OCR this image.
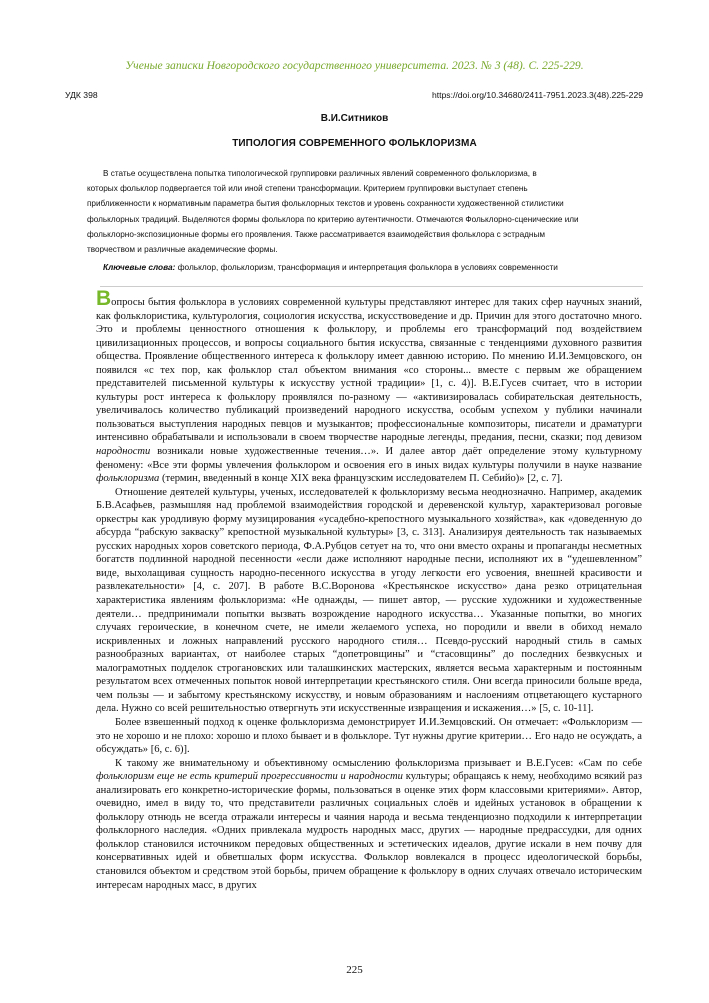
Ученые записки Новгородского государственного университета. 2023. № 3 (48). С. 225-229.
УДК 398	https://doi.org/10.34680/2411-7951.2023.3(48).225-229
В.И.Ситников
ТИПОЛОГИЯ СОВРЕМЕННОГО ФОЛЬКЛОРИЗМА
В статье осуществлена попытка типологической группировки различных явлений современного фольклоризма, в
которых фольклор подвергается той или иной степени трансформации. Критерием группировки выступает степень
приближенности к нормативным параметра бытия фольклорных текстов и уровень сохранности художественной стилистики
фольклорных традиций. Выделяются формы фольклора по критерию аутентичности. Отмечаются Фольклорно-сценические или
фольклорно-экспозиционные формы его проявления. Также рассматривается взаимодействия фольклора с эстрадным
творчеством и различные академические формы.
Ключевые слова: фольклор, фольклоризм, трансформация и интерпретация фольклора в условиях современности

Вопросы бытия фольклора в условиях современной культуры представляют интерес для таких сфер научных знаний, как фольклористика, культурология, социология искусства, искусствоведение и др. Причин для этого достаточно много. Это и проблемы ценностного отношения к фольклору, и проблемы его трансформаций под воздействием цивилизационных процессов, и вопросы социального бытия искусства, связанные с тенденциями духовного развития общества. Проявление общественного интереса к фольклору имеет давнюю историю. По мнению И.И.Земцовского, он появился «с тех пор, как фольклор стал объектом внимания «со стороны... вместе с первым же обращением представителей письменной культуры к искусству устной традиции» [1, с. 4)]. В.Е.Гусев считает, что в истории культуры рост интереса к фольклору проявлялся по-разному — «активизировалась собирательская деятельность, увеличивалось количество публикаций произведений народного искусства, особым успехом у публики начинали пользоваться выступления народных певцов и музыкантов; профессиональные композиторы, писатели и драматурги интенсивно обрабатывали и использовали в своем творчестве народные легенды, предания, песни, сказки; под девизом народности возникали новые художественные течения…». И далее автор даёт определение этому культурному феномену: «Все эти формы увлечения фольклором и освоения его в иных видах культуры получили в науке название фольклоризма (термин, введенный в конце XIX века французским исследователем П. Себийо)» [2, с. 7].

Отношение деятелей культуры, ученых, исследователей к фольклоризму весьма неоднозначно. Например, академик Б.В.Асафьев, размышляя над проблемой взаимодействия городской и деревенской культур, характеризовал роговые оркестры как уродливую форму музицирования «усадебно-крепостного музыкального хозяйства», как «доведенную до абсурда “рабскую закваску” крепостной музыкальной культуры» [3, с. 313]. Анализируя деятельность так называемых русских народных хоров советского периода, Ф.А.Рубцов сетует на то, что они вместо охраны и пропаганды несметных богатств подлинной народной песенности «если даже исполняют народные песни, исполняют их в “удешевленном” виде, выхолащивая сущность народно-песенного искусства в угоду легкости его усвоения, внешней красивости и развлекательности» [4, с. 207]. В работе В.С.Воронова «Крестьянское искусство» дана резко отрицательная характеристика явлениям фольклоризма: «Не однажды, — пишет автор, — русские художники и художественные деятели… предпринимали попытки вызвать возрождение народного искусства… Указанные попытки, во многих случаях героические, в конечном счете, не имели желаемого успеха, но породили и ввели в обиход немало искривленных и ложных направлений русского народного стиля… Псевдо-русский народный стиль в самых разнообразных вариантах, от наиболее старых “допетровщины” и “стасовщины” до последних безвкусных и малограмотных подделок строгановских или талашкинских мастерских, является весьма характерным и постоянным результатом всех отмеченных попыток новой интерпретации крестьянского стиля. Они всегда приносили больше вреда, чем пользы — и забытому крестьянскому искусству, и новым образованиям и наслоениям отцветающего кустарного дела. Нужно со всей решительностью отвергнуть эти искусственные извращения и искажения…» [5, с. 10-11].

Более взвешенный подход к оценке фольклоризма демонстрирует И.И.Земцовский. Он отмечает: «Фольклоризм — это не хорошо и не плохо: хорошо и плохо бывает и в фольклоре. Тут нужны другие критерии… Его надо не осуждать, а обсуждать» [6, с. 6)].

К такому же внимательному и объективному осмыслению фольклоризма призывает и В.Е.Гусев: «Сам по себе фольклоризм еще не есть критерий прогрессивности и народности культуры; обращаясь к нему, необходимо всякий раз анализировать его конкретно-исторические формы, пользоваться в оценке этих форм классовыми критериями». Автор, очевидно, имел в виду то, что представители различных социальных слоёв и идейных установок в обращении к фольклору отнюдь не всегда отражали интересы и чаяния народа и весьма тенденциозно подходили к интерпретации фольклорного наследия. «Одних привлекала мудрость народных масс, других — народные предрассудки, для одних фольклор становился источником передовых общественных и эстетических идеалов, другие искали в нем почву для консервативных идей и обветшалых форм искусства. Фольклор вовлекался в процесс идеологической борьбы, становился объектом и средством этой борьбы, причем обращение к фольклору в одних случаях отвечало историческим интересам народных масс, в других

225
